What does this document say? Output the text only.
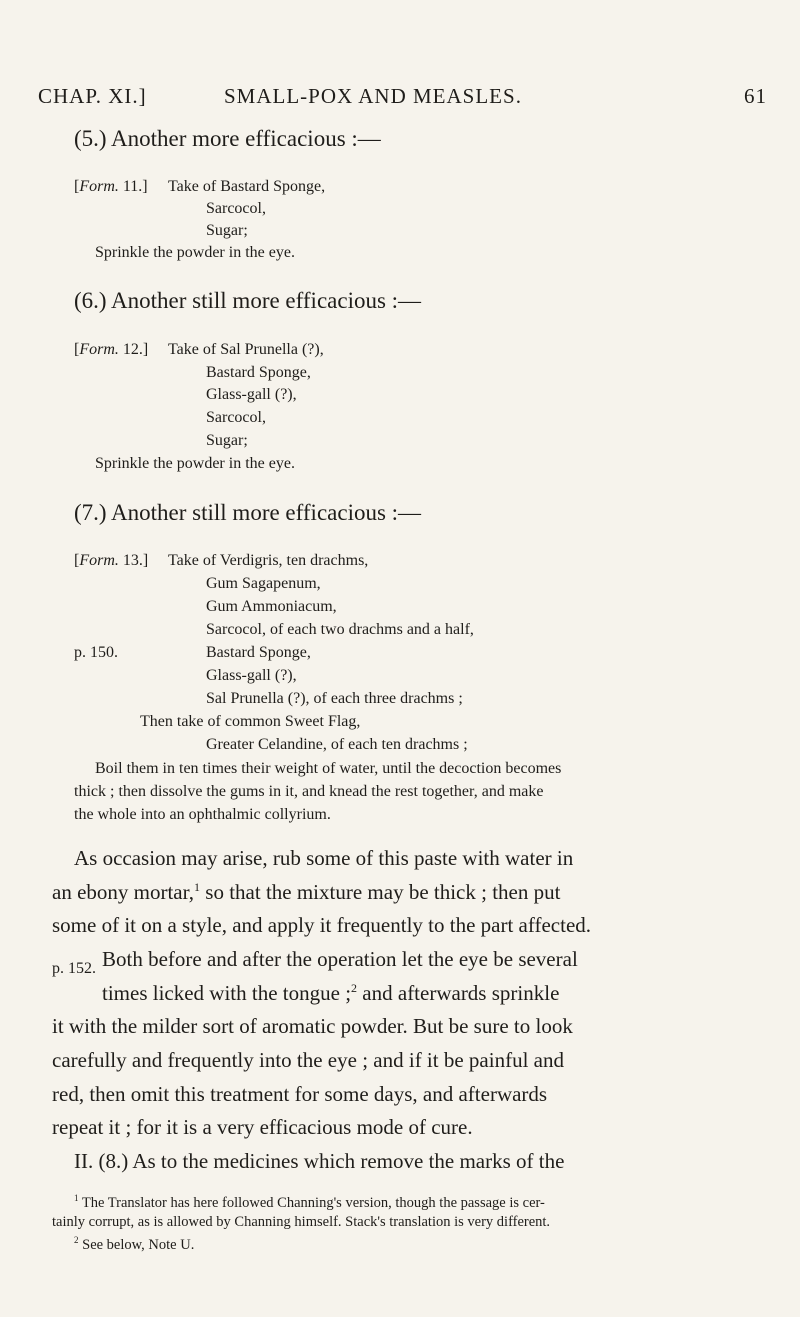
CHAP. XI.]	SMALL-POX AND MEASLES.	61
(5.) Another more efficacious :—
[Form. 11.] Take of Bastard Sponge,
Sarcocol,
Sugar;
Sprinkle the powder in the eye.
(6.) Another still more efficacious :—
[Form. 12.] Take of Sal Prunella (?),
Bastard Sponge,
Glass-gall (?),
Sarcocol,
Sugar;
Sprinkle the powder in the eye.
(7.) Another still more efficacious :—
[Form. 13.] Take of Verdigris, ten drachms,
Gum Sagapenum,
Gum Ammoniacum,
Sarcocol, of each two drachms and a half,
p. 150.	Bastard Sponge,
Glass-gall (?),
Sal Prunella (?), of each three drachms ;
Then take of common Sweet Flag,
Greater Celandine, of each ten drachms ;
Boil them in ten times their weight of water, until the decoction becomes
thick ; then dissolve the gums in it, and knead the rest together, and make
the whole into an ophthalmic collyrium.
As occasion may arise, rub some of this paste with water in
an ebony mortar,$^1$ so that the mixture may be thick ; then put
some of it on a style, and apply it frequently to the part affected.
Both before and after the operation let the eye be several
p. 152.
times licked with the tongue ;$^2$ and afterwards sprinkle
it with the milder sort of aromatic powder. But be sure to look
carefully and frequently into the eye ; and if it be painful and
red, then omit this treatment for some days, and afterwards
repeat it ; for it is a very efficacious mode of cure.
II. (8.) As to the medicines which remove the marks of the
$^1$ The Translator has here followed Channing's version, though the passage is cer-
tainly corrupt, as is allowed by Channing himself. Stack's translation is very different.
$^2$ See below, Note U.
